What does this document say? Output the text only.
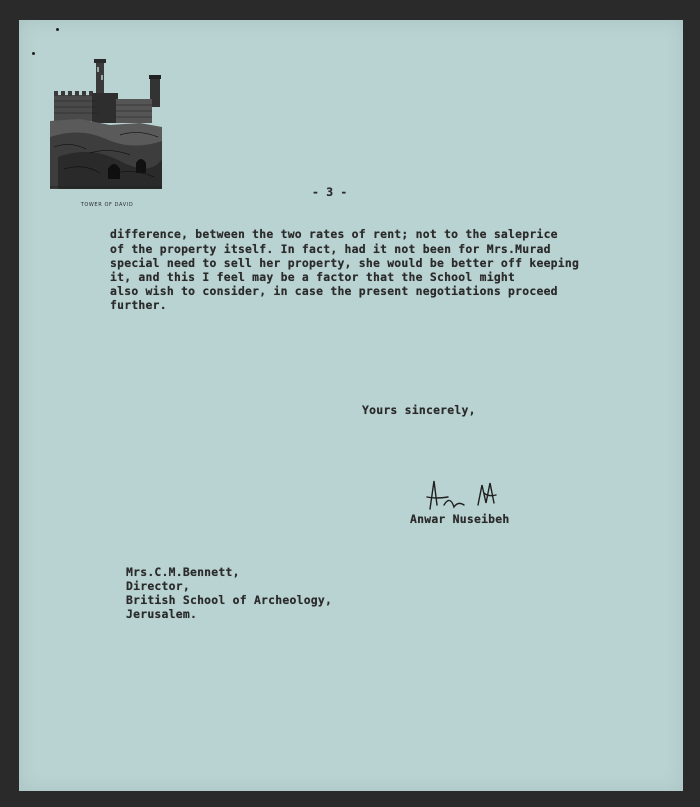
TOWER OF DAVID
- 3 -
difference, between the two rates of rent; not to the saleprice
of the property itself. In fact, had it not been for Mrs.Murad
special need to sell her property, she would be better off keeping
it, and this I feel may be a factor that the School might
also wish to consider, in case the present negotiations proceed
further.
Yours sincerely,
Anwar Nuseibeh
Mrs.C.M.Bennett,
Director,
British School of Archeology,
Jerusalem.
